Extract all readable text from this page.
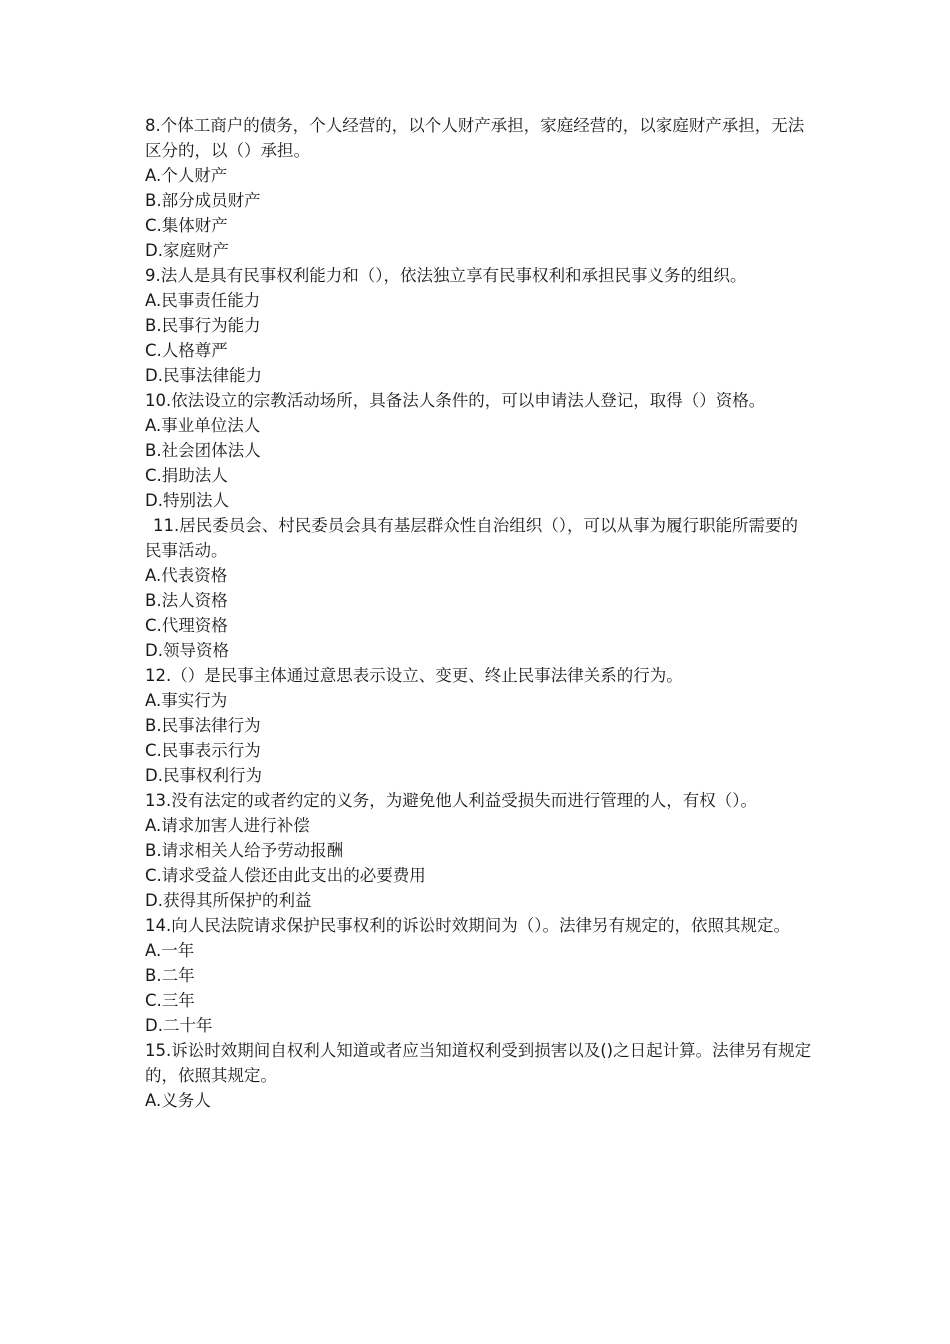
8.个体工商户的债务，个人经营的，以个人财产承担，家庭经营的，以家庭财产承担，无法区分的，以（）承担。
A.个人财产
B.部分成员财产
C.集体财产
D.家庭财产
9.法人是具有民事权利能力和（），依法独立享有民事权利和承担民事义务的组织。
A.民事责任能力
B.民事行为能力
C.人格尊严
D.民事法律能力
10.依法设立的宗教活动场所，具备法人条件的，可以申请法人登记，取得（）资格。
A.事业单位法人
B.社会团体法人
C.捐助法人
D.特别法人
11.居民委员会、村民委员会具有基层群众性自治组织（），可以从事为履行职能所需要的民事活动。
A.代表资格
B.法人资格
C.代理资格
D.领导资格
12.（）是民事主体通过意思表示设立、变更、终止民事法律关系的行为。
A.事实行为
B.民事法律行为
C.民事表示行为
D.民事权利行为
13.没有法定的或者约定的义务，为避免他人利益受损失而进行管理的人，有权（）。
A.请求加害人进行补偿
B.请求相关人给予劳动报酬
C.请求受益人偿还由此支出的必要费用
D.获得其所保护的利益
14.向人民法院请求保护民事权利的诉讼时效期间为（）。法律另有规定的，依照其规定。
A.一年
B.二年
C.三年
D.二十年
15.诉讼时效期间自权利人知道或者应当知道权利受到损害以及()之日起计算。法律另有规定的，依照其规定。
A.义务人
